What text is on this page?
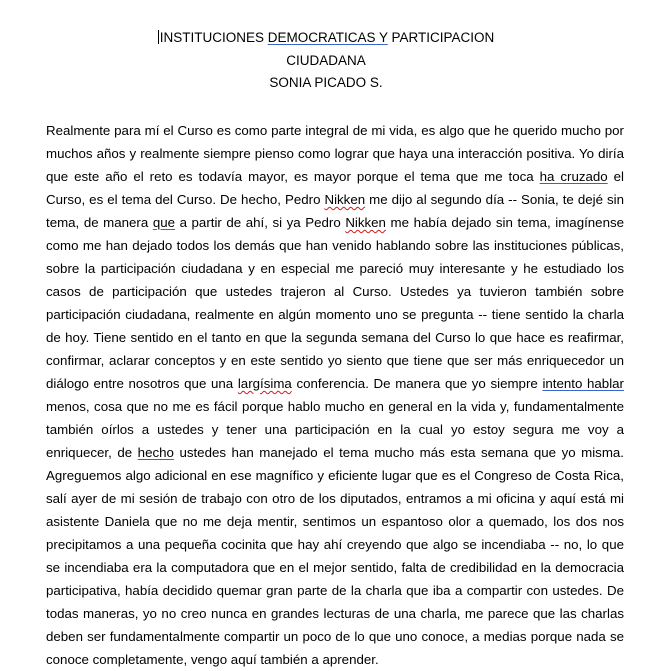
INSTITUCIONES DEMOCRATICAS Y PARTICIPACION
CIUDADANA
SONIA PICADO S.

Realmente para mí el Curso es como parte integral de mi vida, es algo que he querido mucho por muchos años y realmente siempre pienso como lograr que haya una interacción positiva. Yo diría que este año el reto es todavía mayor, es mayor porque el tema que me toca ha cruzado el Curso, es el tema del Curso. De hecho, Pedro Nikken me dijo al segundo día -- Sonia, te dejé sin tema, de manera que a partir de ahí, si ya Pedro Nikken me había dejado sin tema, imagínense como me han dejado todos los demás que han venido hablando sobre las instituciones públicas, sobre la participación ciudadana y en especial me pareció muy interesante y he estudiado los casos de participación que ustedes trajeron al Curso. Ustedes ya tuvieron también sobre participación ciudadana, realmente en algún momento uno se pregunta -- tiene sentido la charla de hoy. Tiene sentido en el tanto en que la segunda semana del Curso lo que hace es reafirmar, confirmar, aclarar conceptos y en este sentido yo siento que tiene que ser más enriquecedor un diálogo entre nosotros que una largísima conferencia. De manera que yo siempre intento hablar menos, cosa que no me es fácil porque hablo mucho en general en la vida y, fundamentalmente también oírlos a ustedes y tener una participación en la cual yo estoy segura me voy a enriquecer, de hecho ustedes han manejado el tema mucho más esta semana que yo misma. Agreguemos algo adicional en ese magnífico y eficiente lugar que es el Congreso de Costa Rica, salí ayer de mi sesión de trabajo con otro de los diputados, entramos a mi oficina y aquí está mi asistente Daniela que no me deja mentir, sentimos un espantoso olor a quemado, los dos nos precipitamos a una pequeña cocinita que hay ahí creyendo que algo se incendiaba -- no, lo que se incendiaba era la computadora que en el mejor sentido, falta de credibilidad en la democracia participativa, había decidido quemar gran parte de la charla que iba a compartir con ustedes. De todas maneras, yo no creo nunca en grandes lecturas de una charla, me parece que las charlas deben ser fundamentalmente compartir un poco de lo que uno conoce, a medias porque nada se conoce completamente, vengo aquí también a aprender.
